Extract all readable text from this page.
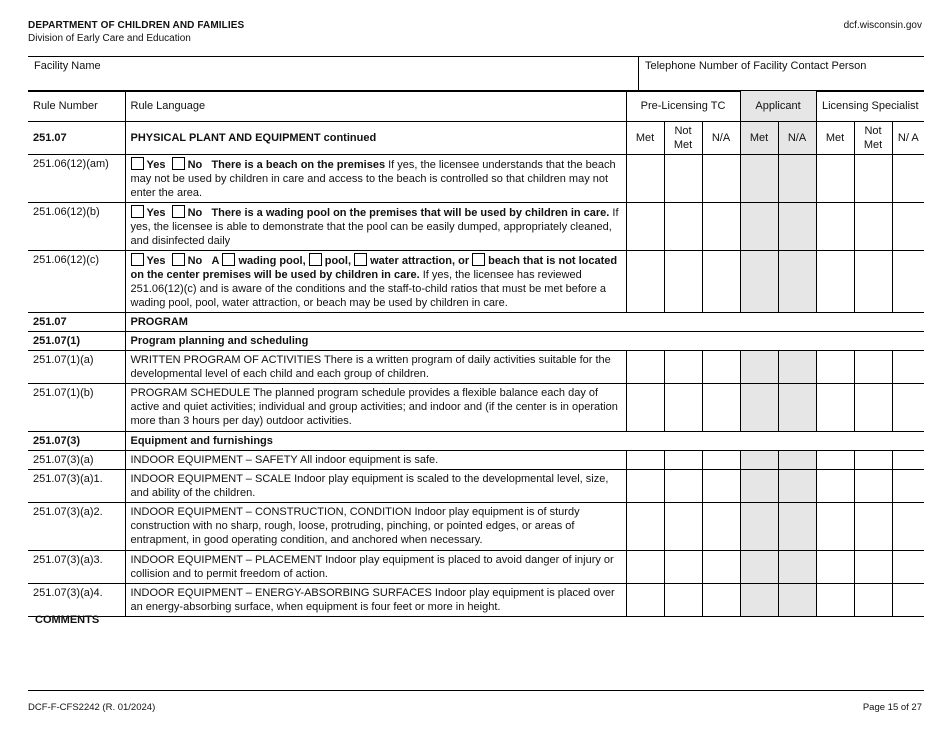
DEPARTMENT OF CHILDREN AND FAMILIES
Division of Early Care and Education
dcf.wisconsin.gov
Facility Name	Telephone Number of Facility Contact Person
Rule Number	Rule Language	Pre-Licensing TC			Applicant		Licensing Specialist		
251.07	PHYSICAL PLANT AND EQUIPMENT continued	Met	Not Met	N/A	Met	N/A	Met	Not Met	N/ A
251.06(12)(am)	Yes No There is a beach on the premises If yes, the licensee understands that the beach may not be used by children in care and access to the beach is controlled so that children may not enter the area.								
251.06(12)(b)	Yes No There is a wading pool on the premises that will be used by children in care. If yes, the licensee is able to demonstrate that the pool can be easily dumped, appropriately cleaned, and disinfected daily								
251.06(12)(c)	Yes No A wading pool, pool, water attraction, or beach that is not located on the center premises will be used by children in care. If yes, the licensee has reviewed 251.06(12)(c) and is aware of the conditions and the staff-to-child ratios that must be met before a wading pool, pool, water attraction, or beach may be used by children in care.								
251.07	PROGRAM								
251.07(1)	Program planning and scheduling								
251.07(1)(a)	WRITTEN PROGRAM OF ACTIVITIES There is a written program of daily activities suitable for the developmental level of each child and each group of children.								
251.07(1)(b)	PROGRAM SCHEDULE The planned program schedule provides a flexible balance each day of active and quiet activities; individual and group activities; and indoor and (if the center is in operation more than 3 hours per day) outdoor activities.								
251.07(3)	Equipment and furnishings								
251.07(3)(a)	INDOOR EQUIPMENT – SAFETY All indoor equipment is safe.								
251.07(3)(a)1.	INDOOR EQUIPMENT – SCALE Indoor play equipment is scaled to the developmental level, size, and ability of the children.								
251.07(3)(a)2.	INDOOR EQUIPMENT – CONSTRUCTION, CONDITION Indoor play equipment is of sturdy construction with no sharp, rough, loose, protruding, pinching, or pointed edges, or areas of entrapment, in good operating condition, and anchored when necessary.								
251.07(3)(a)3.	INDOOR EQUIPMENT – PLACEMENT Indoor play equipment is placed to avoid danger of injury or collision and to permit freedom of action.								
251.07(3)(a)4.	INDOOR EQUIPMENT – ENERGY-ABSORBING SURFACES Indoor play equipment is placed over an energy-absorbing surface, when equipment is four feet or more in height.								
COMMENTS
DCF-F-CFS2242 (R. 01/2024)	Page 15 of 27
